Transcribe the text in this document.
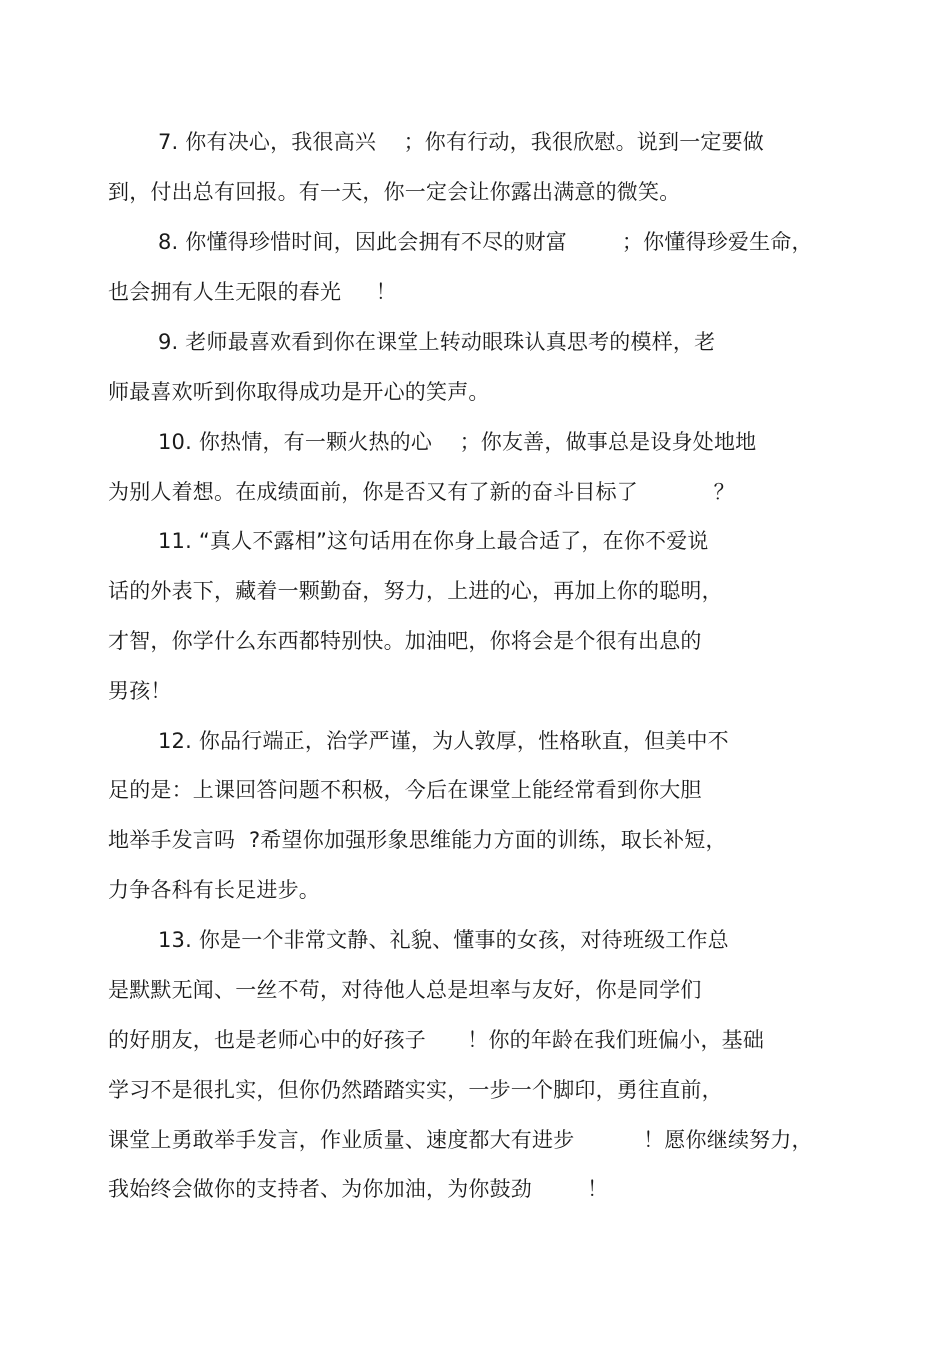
7. 你有决心，我很高兴    ；你有行动，我很欣慰。说到一定要做
到，付出总有回报。有一天，你一定会让你露出满意的微笑。
8. 你懂得珍惜时间，因此会拥有不尽的财富        ；你懂得珍爱生命，
也会拥有人生无限的春光     ！
9. 老师最喜欢看到你在课堂上转动眼珠认真思考的模样，老
师最喜欢听到你取得成功是开心的笑声。
10. 你热情，有一颗火热的心    ；你友善，做事总是设身处地地
为别人着想。在成绩面前，你是否又有了新的奋斗目标了           ？
11. “真人不露相”这句话用在你身上最合适了，在你不爱说
话的外表下，藏着一颗勤奋，努力，上进的心，再加上你的聪明，
才智，你学什么东西都特别快。加油吧，你将会是个很有出息的
男孩！
12. 你品行端正，治学严谨，为人敦厚，性格耿直，但美中不
足的是：上课回答问题不积极，今后在课堂上能经常看到你大胆
地举手发言吗  ?希望你加强形象思维能力方面的训练，取长补短，
力争各科有长足进步。
13. 你是一个非常文静、礼貌、懂事的女孩，对待班级工作总
是默默无闻、一丝不苟，对待他人总是坦率与友好，你是同学们
的好朋友，也是老师心中的好孩子      ！你的年龄在我们班偏小，基础
学习不是很扎实，但你仍然踏踏实实，一步一个脚印，勇往直前，
课堂上勇敢举手发言，作业质量、速度都大有进步          ！愿你继续努力，
我始终会做你的支持者、为你加油，为你鼓劲        ！
